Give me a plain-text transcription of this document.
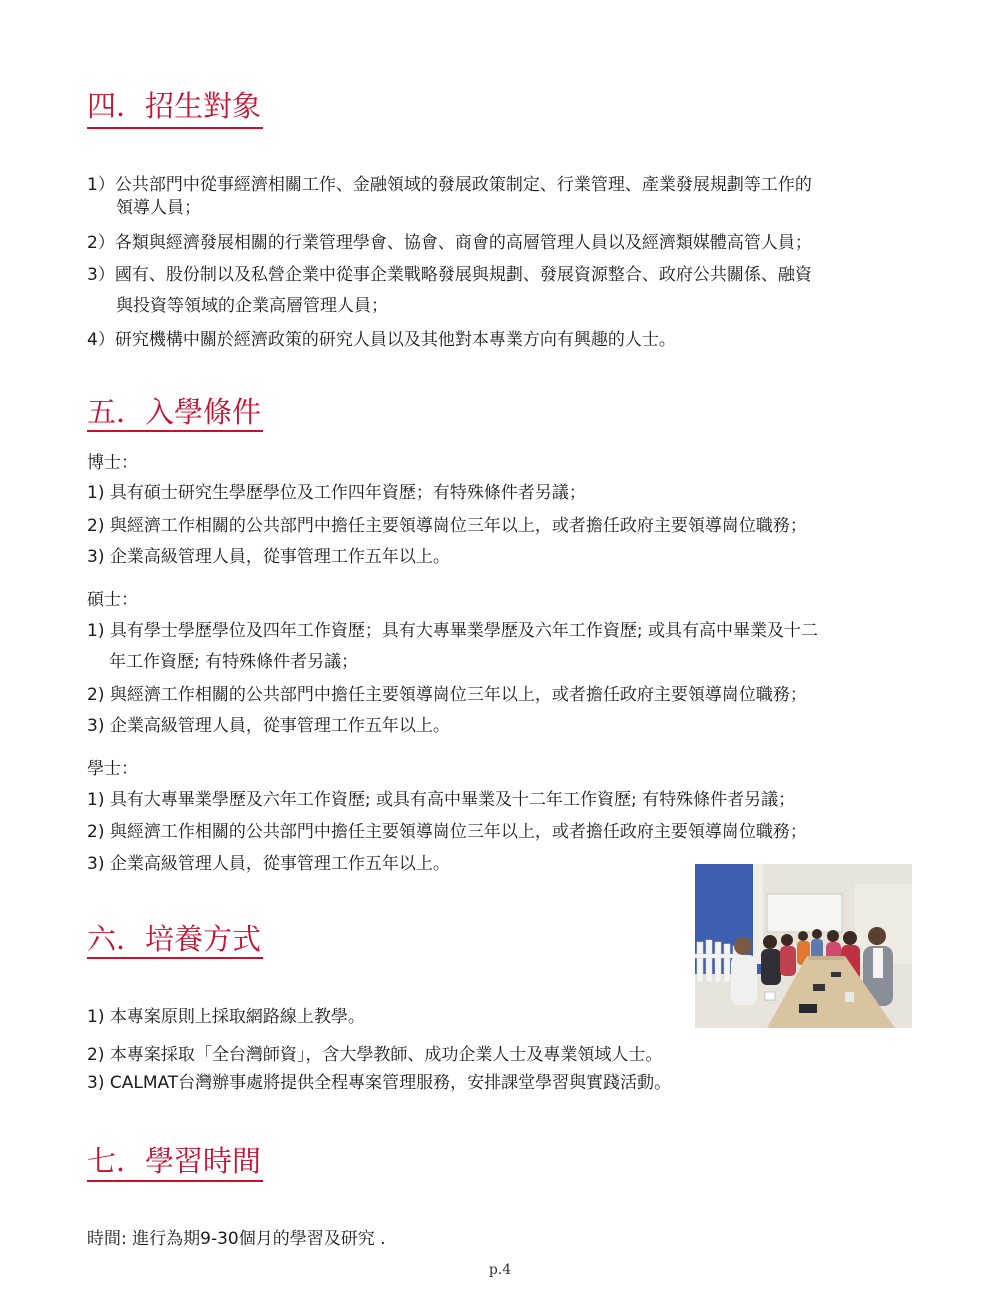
四．招生對象

1）公共部門中從事經濟相關工作、金融領域的發展政策制定、行業管理、產業發展規劃等工作的

領導人員；

2）各類與經濟發展相關的行業管理學會、協會、商會的高層管理人員以及經濟類媒體高管人員；

3）國有、股份制以及私營企業中從事企業戰略發展與規劃、發展資源整合、政府公共關係、融資

與投資等領域的企業高層管理人員；

4）研究機構中關於經濟政策的研究人員以及其他對本專業方向有興趣的人士。

五．入學條件

博士：

1) 具有碩士研究生學歷學位及工作四年資歷；有特殊條件者另議；

2) 與經濟工作相關的公共部門中擔任主要領導崗位三年以上，或者擔任政府主要領導崗位職務；

3) 企業高級管理人員，從事管理工作五年以上。

碩士：

1) 具有學士學歷學位及四年工作資歷；具有大專畢業學歷及六年工作資歷; 或具有高中畢業及十二

年工作資歷; 有特殊條件者另議；

2) 與經濟工作相關的公共部門中擔任主要領導崗位三年以上，或者擔任政府主要領導崗位職務；

3) 企業高級管理人員，從事管理工作五年以上。

學士：

1) 具有大專畢業學歷及六年工作資歷; 或具有高中畢業及十二年工作資歷; 有特殊條件者另議；

2) 與經濟工作相關的公共部門中擔任主要領導崗位三年以上，或者擔任政府主要領導崗位職務；

3) 企業高級管理人員，從事管理工作五年以上。

六．培養方式

1) 本專案原則上採取網路線上教學。

2) 本專案採取「全台灣師資」，含大學教師、成功企業人士及專業領域人士。

3) CALMAT台灣辦事處將提供全程專案管理服務，安排課堂學習與實踐活動。

七．學習時間

時間: 進行為期9-30個月的學習及研究 .

p.4
